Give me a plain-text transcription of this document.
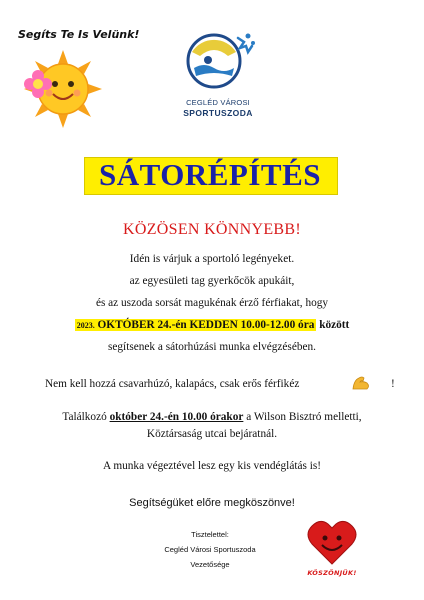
Segíts Te Is Velünk!
CEGLÉD VÁROSI
SPORTUSZODA
SÁTORÉPÍTÉS
KÖZÖSEN KÖNNYEBB!
Idén is várjuk a sportoló legényeket.
az egyesületi tag gyerkőcök apukáit,
és az uszoda sorsát magukénak érző férfiakat, hogy
2023. OKTÓBER 24.-én KEDDEN 10.00-12.00 óra között
segítsenek a sátorhúzási munka elvégzésében.
Nem kell hozzá csavarhúzó, kalapács, csak erős férfikéz	!
Találkozó október 24.-én 10.00 órakor a Wilson Bisztró melletti,
Köztársaság utcai bejáratnál.
A munka végeztével lesz egy kis vendéglátás is!
Segítségüket előre megköszönve!
Tisztelettel:
Cegléd Városi Sportuszoda
Vezetősége
KÖSZÖNJÜK!
